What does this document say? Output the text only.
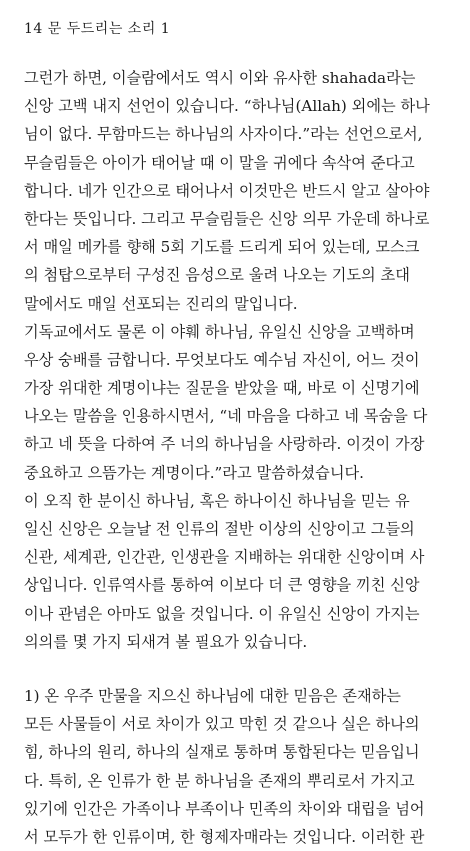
14 문 두드리는 소리 1
그런가 하면, 이슬람에서도 역시 이와 유사한 shahada라는
신앙 고백 내지 선언이 있습니다. “하나님(Allah) 외에는 하나
님이 없다. 무함마드는 하나님의 사자이다.”라는 선언으로서,
무슬림들은 아이가 태어날 때 이 말을 귀에다 속삭여 준다고
합니다. 네가 인간으로 태어나서 이것만은 반드시 알고 살아야
한다는 뜻입니다. 그리고 무슬림들은 신앙 의무 가운데 하나로
서 매일 메카를 향해 5회 기도를 드리게 되어 있는데, 모스크
의 첨탑으로부터 구성진 음성으로 울려 나오는 기도의 초대
말에서도 매일 선포되는 진리의 말입니다.
기독교에서도 물론 이 야훼 하나님, 유일신 신앙을 고백하며
우상 숭배를 금합니다. 무엇보다도 예수님 자신이, 어느 것이
가장 위대한 계명이냐는 질문을 받았을 때, 바로 이 신명기에
나오는 말씀을 인용하시면서, “네 마음을 다하고 네 목숨을 다
하고 네 뜻을 다하여 주 너의 하나님을 사랑하라. 이것이 가장
중요하고 으뜸가는 계명이다.”라고 말씀하셨습니다.
이 오직 한 분이신 하나님, 혹은 하나이신 하나님을 믿는 유
일신 신앙은 오늘날 전 인류의 절반 이상의 신앙이고 그들의
신관, 세계관, 인간관, 인생관을 지배하는 위대한 신앙이며 사
상입니다. 인류역사를 통하여 이보다 더 큰 영향을 끼친 신앙
이나 관념은 아마도 없을 것입니다. 이 유일신 신앙이 가지는
의의를 몇 가지 되새겨 볼 필요가 있습니다.
1) 온 우주 만물을 지으신 하나님에 대한 믿음은 존재하는
모든 사물들이 서로 차이가 있고 막힌 것 같으나 실은 하나의
힘, 하나의 원리, 하나의 실재로 통하며 통합된다는 믿음입니
다. 특히, 온 인류가 한 분 하나님을 존재의 뿌리로서 가지고
있기에 인간은 가족이나 부족이나 민족의 차이와 대립을 넘어
서 모두가 한 인류이며, 한 형제자매라는 것입니다. 이러한 관
